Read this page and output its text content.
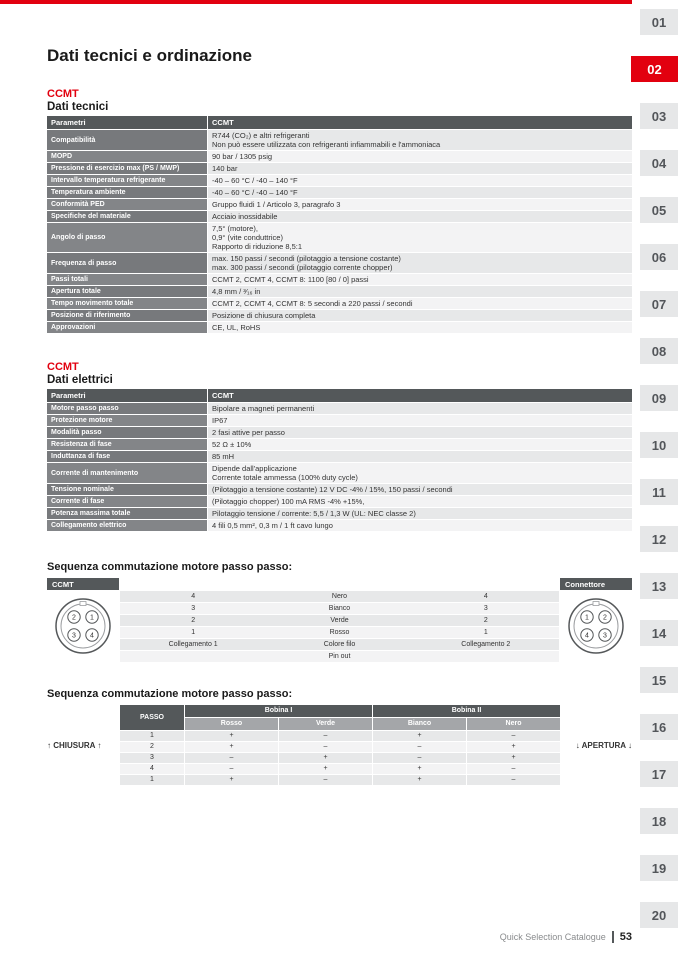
01
02
03
04
05
06
07
08
09
10
11
12
13
14
15
16
17
18
19
20
Dati tecnici e ordinazione
CCMT
Dati tecnici
Parametri	CCMT
Compatibilità	R744 (CO₂) e altri refrigeranti
Non può essere utilizzata con refrigeranti infiammabili e l'ammoniaca
MOPD	90 bar / 1305 psig
Pressione di esercizio max (PS / MWP)	140 bar
Intervallo temperatura refrigerante	-40 – 60 °C / -40 – 140 °F
Temperatura ambiente	-40 – 60 °C / -40 – 140 °F
Conformità PED	Gruppo fluidi 1 / Articolo 3, paragrafo 3
Specifiche del materiale	Acciaio inossidabile
Angolo di passo
7,5° (motore),
0,9° (vite conduttrice)
Rapporto di riduzione 8,5:1
Frequenza di passo	max. 150 passi / secondi (pilotaggio a tensione costante)
max. 300 passi / secondi (pilotaggio corrente chopper)
Passi totali	CCMT 2, CCMT 4, CCMT 8: 1100 [80 / 0] passi
Apertura totale	4,8 mm / ³⁄₁₆ in
Tempo movimento totale	CCMT 2, CCMT 4, CCMT 8: 5 secondi a 220 passi / secondi
Posizione di riferimento	Posizione di chiusura completa
Approvazioni	CE, UL, RoHS
CCMT
Dati elettrici
Parametri	CCMT
Motore passo passo	Bipolare a magneti permanenti
Protezione motore	IP67
Modalità passo	2 fasi attive per passo
Resistenza di fase	52 Ω ± 10%
Induttanza di fase	85 mH
Corrente di mantenimento	Dipende dall'applicazione
Corrente totale ammessa (100% duty cycle)
Tensione nominale	(Pilotaggio a tensione costante) 12 V DC -4% / 15%, 150 passi / secondi
Corrente di fase	(Pilotaggio chopper) 100 mA RMS -4% +15%,
Potenza massima totale	Pilotaggio tensione / corrente: 5,5 / 1,3 W (UL: NEC classe 2)
Collegamento elettrico	4 fili 0,5 mm², 0,3 m / 1 ft cavo lungo
Sequenza commutazione motore passo passo:
CCMT
2 1
3 4
4	Nero	4
3	Bianco	3
2	Verde	2
1	Rosso	1
Collegamento 1	Colore filo	Collegamento 2
Pin out
Connettore
1 2
4 3
Sequenza commutazione motore passo passo:
↑ CHIUSURA ↑
PASSO
Bobina I	Bobina II
Rosso	Verde	Bianco	Nero
1	+	–	+	–
2	+	–	–	+
3	–	+	–	+
4	–	+	+	–
1	+	–	+	–
↓ APERTURA ↓
Quick Selection Catalogue 53
